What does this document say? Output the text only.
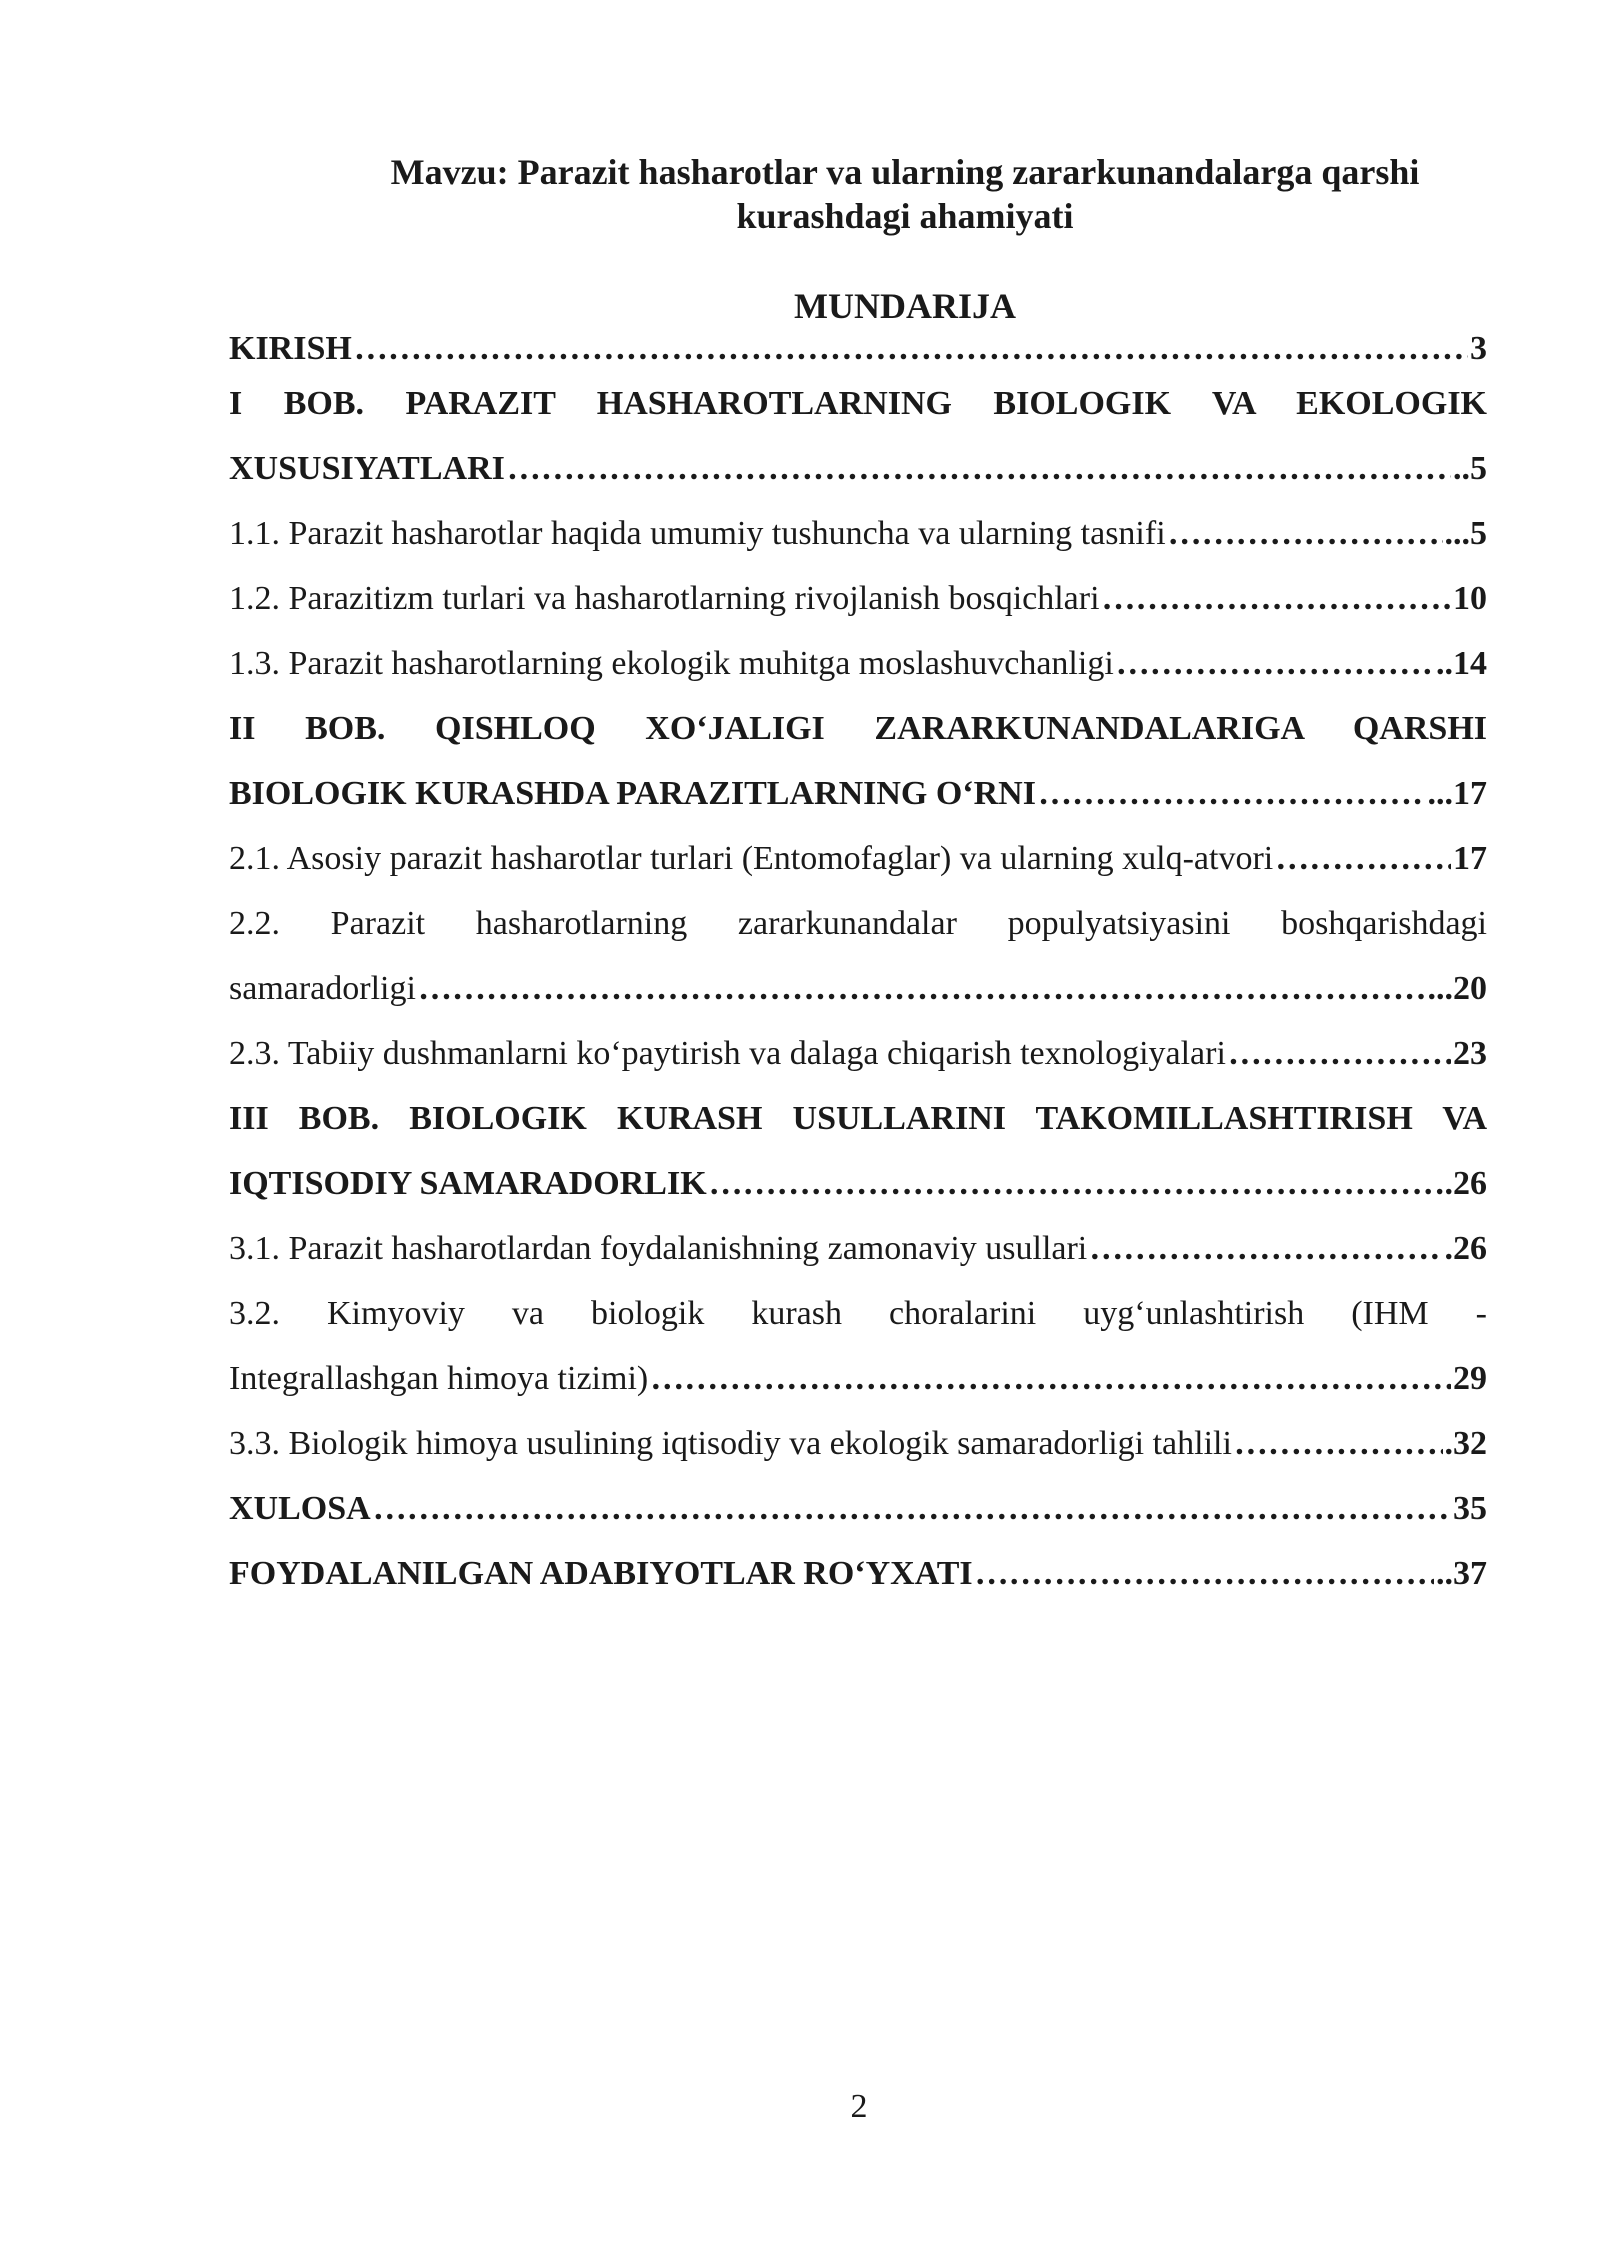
Mavzu: Parazit hasharotlar va ularning zararkunandalarga qarshi
kurashdagi ahamiyati
MUNDARIJA
KIRISH ………………………………………………………………………………………………………………………………………………………………………………………………………………	3
I BOB. PARAZIT HASHAROTLARNING BIOLOGIK VA EKOLOGIK
XUSUSIYATLARI ………………………………………………………………………………………………………………………………………………………………………………………………………………	..5
1.1. Parazit hasharotlar haqida umumiy tushuncha va ularning tasnifi ………………………………………………………………………………………………………………………………………………………………………………………………………………	...5
1.2. Parazitizm turlari va hasharotlarning rivojlanish bosqichlari ………………………………………………………………………………………………………………………………………………………………………………………………………………	10
1.3. Parazit hasharotlarning ekologik muhitga moslashuvchanligi ………………………………………………………………………………………………………………………………………………………………………………………………………………	..14
II BOB. QISHLOQ XO‘JALIGI ZARARKUNANDALARIGA QARSHI
BIOLOGIK KURASHDA PARAZITLARNING O‘RNI ………………………………………………………………………………………………………………………………………………………………………………………………………………	...17
2.1. Asosiy parazit hasharotlar turlari (Entomofaglar) va ularning xulq-atvori ………………………………………………………………………………………………………………………………………………………………………………………………………………	17
2.2. Parazit hasharotlarning zararkunandalar populyatsiyasini boshqarishdagi
samaradorligi ………………………………………………………………………………………………………………………………………………………………………………………………………………	...20
2.3. Tabiiy dushmanlarni ko‘paytirish va dalaga chiqarish texnologiyalari ………………………………………………………………………………………………………………………………………………………………………………………………………………	23
III BOB. BIOLOGIK KURASH USULLARINI TAKOMILLASHTIRISH VA
IQTISODIY SAMARADORLIK ………………………………………………………………………………………………………………………………………………………………………………………………………………	.26
3.1. Parazit hasharotlardan foydalanishning zamonaviy usullari ………………………………………………………………………………………………………………………………………………………………………………………………………………	.26
3.2. Kimyoviy va biologik kurash choralarini uyg‘unlashtirish (IHM -
Integrallashgan himoya tizimi) ………………………………………………………………………………………………………………………………………………………………………………………………………………	29
3.3. Biologik himoya usulining iqtisodiy va ekologik samaradorligi tahlili ………………………………………………………………………………………………………………………………………………………………………………………………………………	.32
XULOSA ………………………………………………………………………………………………………………………………………………………………………………………………………………	35
FOYDALANILGAN ADABIYOTLAR RO‘YXATI ………………………………………………………………………………………………………………………………………………………………………………………………………………	..37
2
